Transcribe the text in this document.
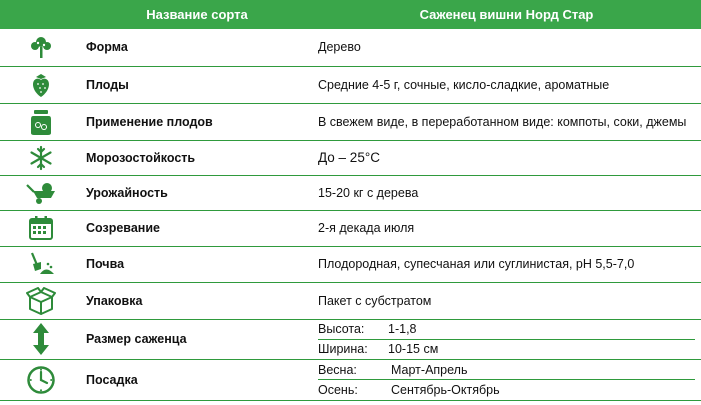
	Название сорта	Саженец вишни Норд Стар
	Форма	Дерево
	Плоды	Средние 4-5 г, сочные, кисло-сладкие, ароматные
	Применение плодов	В свежем виде, в переработанном виде: компоты, соки, джемы
	Морозостойкость	До – 25°С
	Урожайность	15-20 кг с дерева
	Созревание	2-я декада июля
	Почва	Плодородная, супесчаная или суглинистая, pH 5,5-7,0
	Упаковка	Пакет с субстратом
	Размер саженца	Высота: 1-1,8
Ширина: 10-15 см

	Посадка	Весна: Март-Апрель
Осень: Сентябрь-Октябрь
